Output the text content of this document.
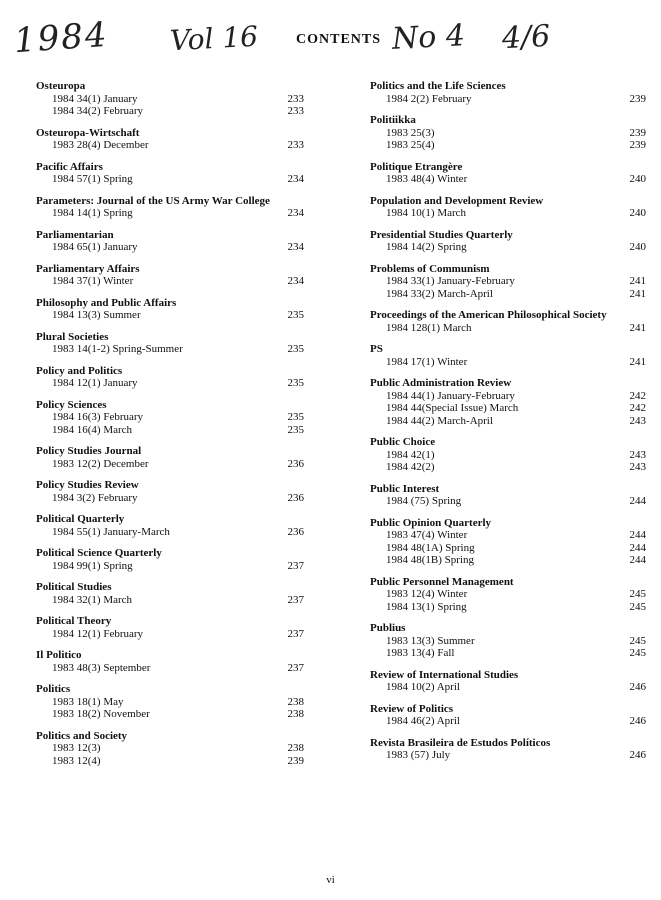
1984 Vol 16	CONTENTS No 4 4/6
Osteuropa
1984 34(1) January	233
1984 34(2) February	233
Osteuropa-Wirtschaft
1983 28(4) December	233
Pacific Affairs
1984 57(1) Spring	234
Parameters: Journal of the US Army War College
1984 14(1) Spring	234
Parliamentarian
1984 65(1) January	234
Parliamentary Affairs
1984 37(1) Winter	234
Philosophy and Public Affairs
1984 13(3) Summer	235
Plural Societies
1983 14(1-2) Spring-Summer	235
Policy and Politics
1984 12(1) January	235
Policy Sciences
1984 16(3) February	235
1984 16(4) March	235
Policy Studies Journal
1983 12(2) December	236
Policy Studies Review
1984 3(2) February	236
Political Quarterly
1984 55(1) January-March	236
Political Science Quarterly
1984 99(1) Spring	237
Political Studies
1984 32(1) March	237
Political Theory
1984 12(1) February	237
Il Politico
1983 48(3) September	237
Politics
1983 18(1) May	238
1983 18(2) November	238
Politics and Society
1983 12(3)	238
1983 12(4)	239
Politics and the Life Sciences
1984 2(2) February	239
Politiikka
1983 25(3)	239
1983 25(4)	239
Politique Etrangère
1983 48(4) Winter	240
Population and Development Review
1984 10(1) March	240
Presidential Studies Quarterly
1984 14(2) Spring	240
Problems of Communism
1984 33(1) January-February	241
1984 33(2) March-April	241
Proceedings of the American Philosophical Society
1984 128(1) March	241
PS
1984 17(1) Winter	241
Public Administration Review
1984 44(1) January-February	242
1984 44(Special Issue) March	242
1984 44(2) March-April	243
Public Choice
1984 42(1)	243
1984 42(2)	243
Public Interest
1984 (75) Spring	244
Public Opinion Quarterly
1983 47(4) Winter	244
1984 48(1A) Spring	244
1984 48(1B) Spring	244
Public Personnel Management
1983 12(4) Winter	245
1984 13(1) Spring	245
Publius
1983 13(3) Summer	245
1983 13(4) Fall	245
Review of International Studies
1984 10(2) April	246
Review of Politics
1984 46(2) April	246
Revista Brasileira de Estudos Políticos
1983 (57) July	246
vi
